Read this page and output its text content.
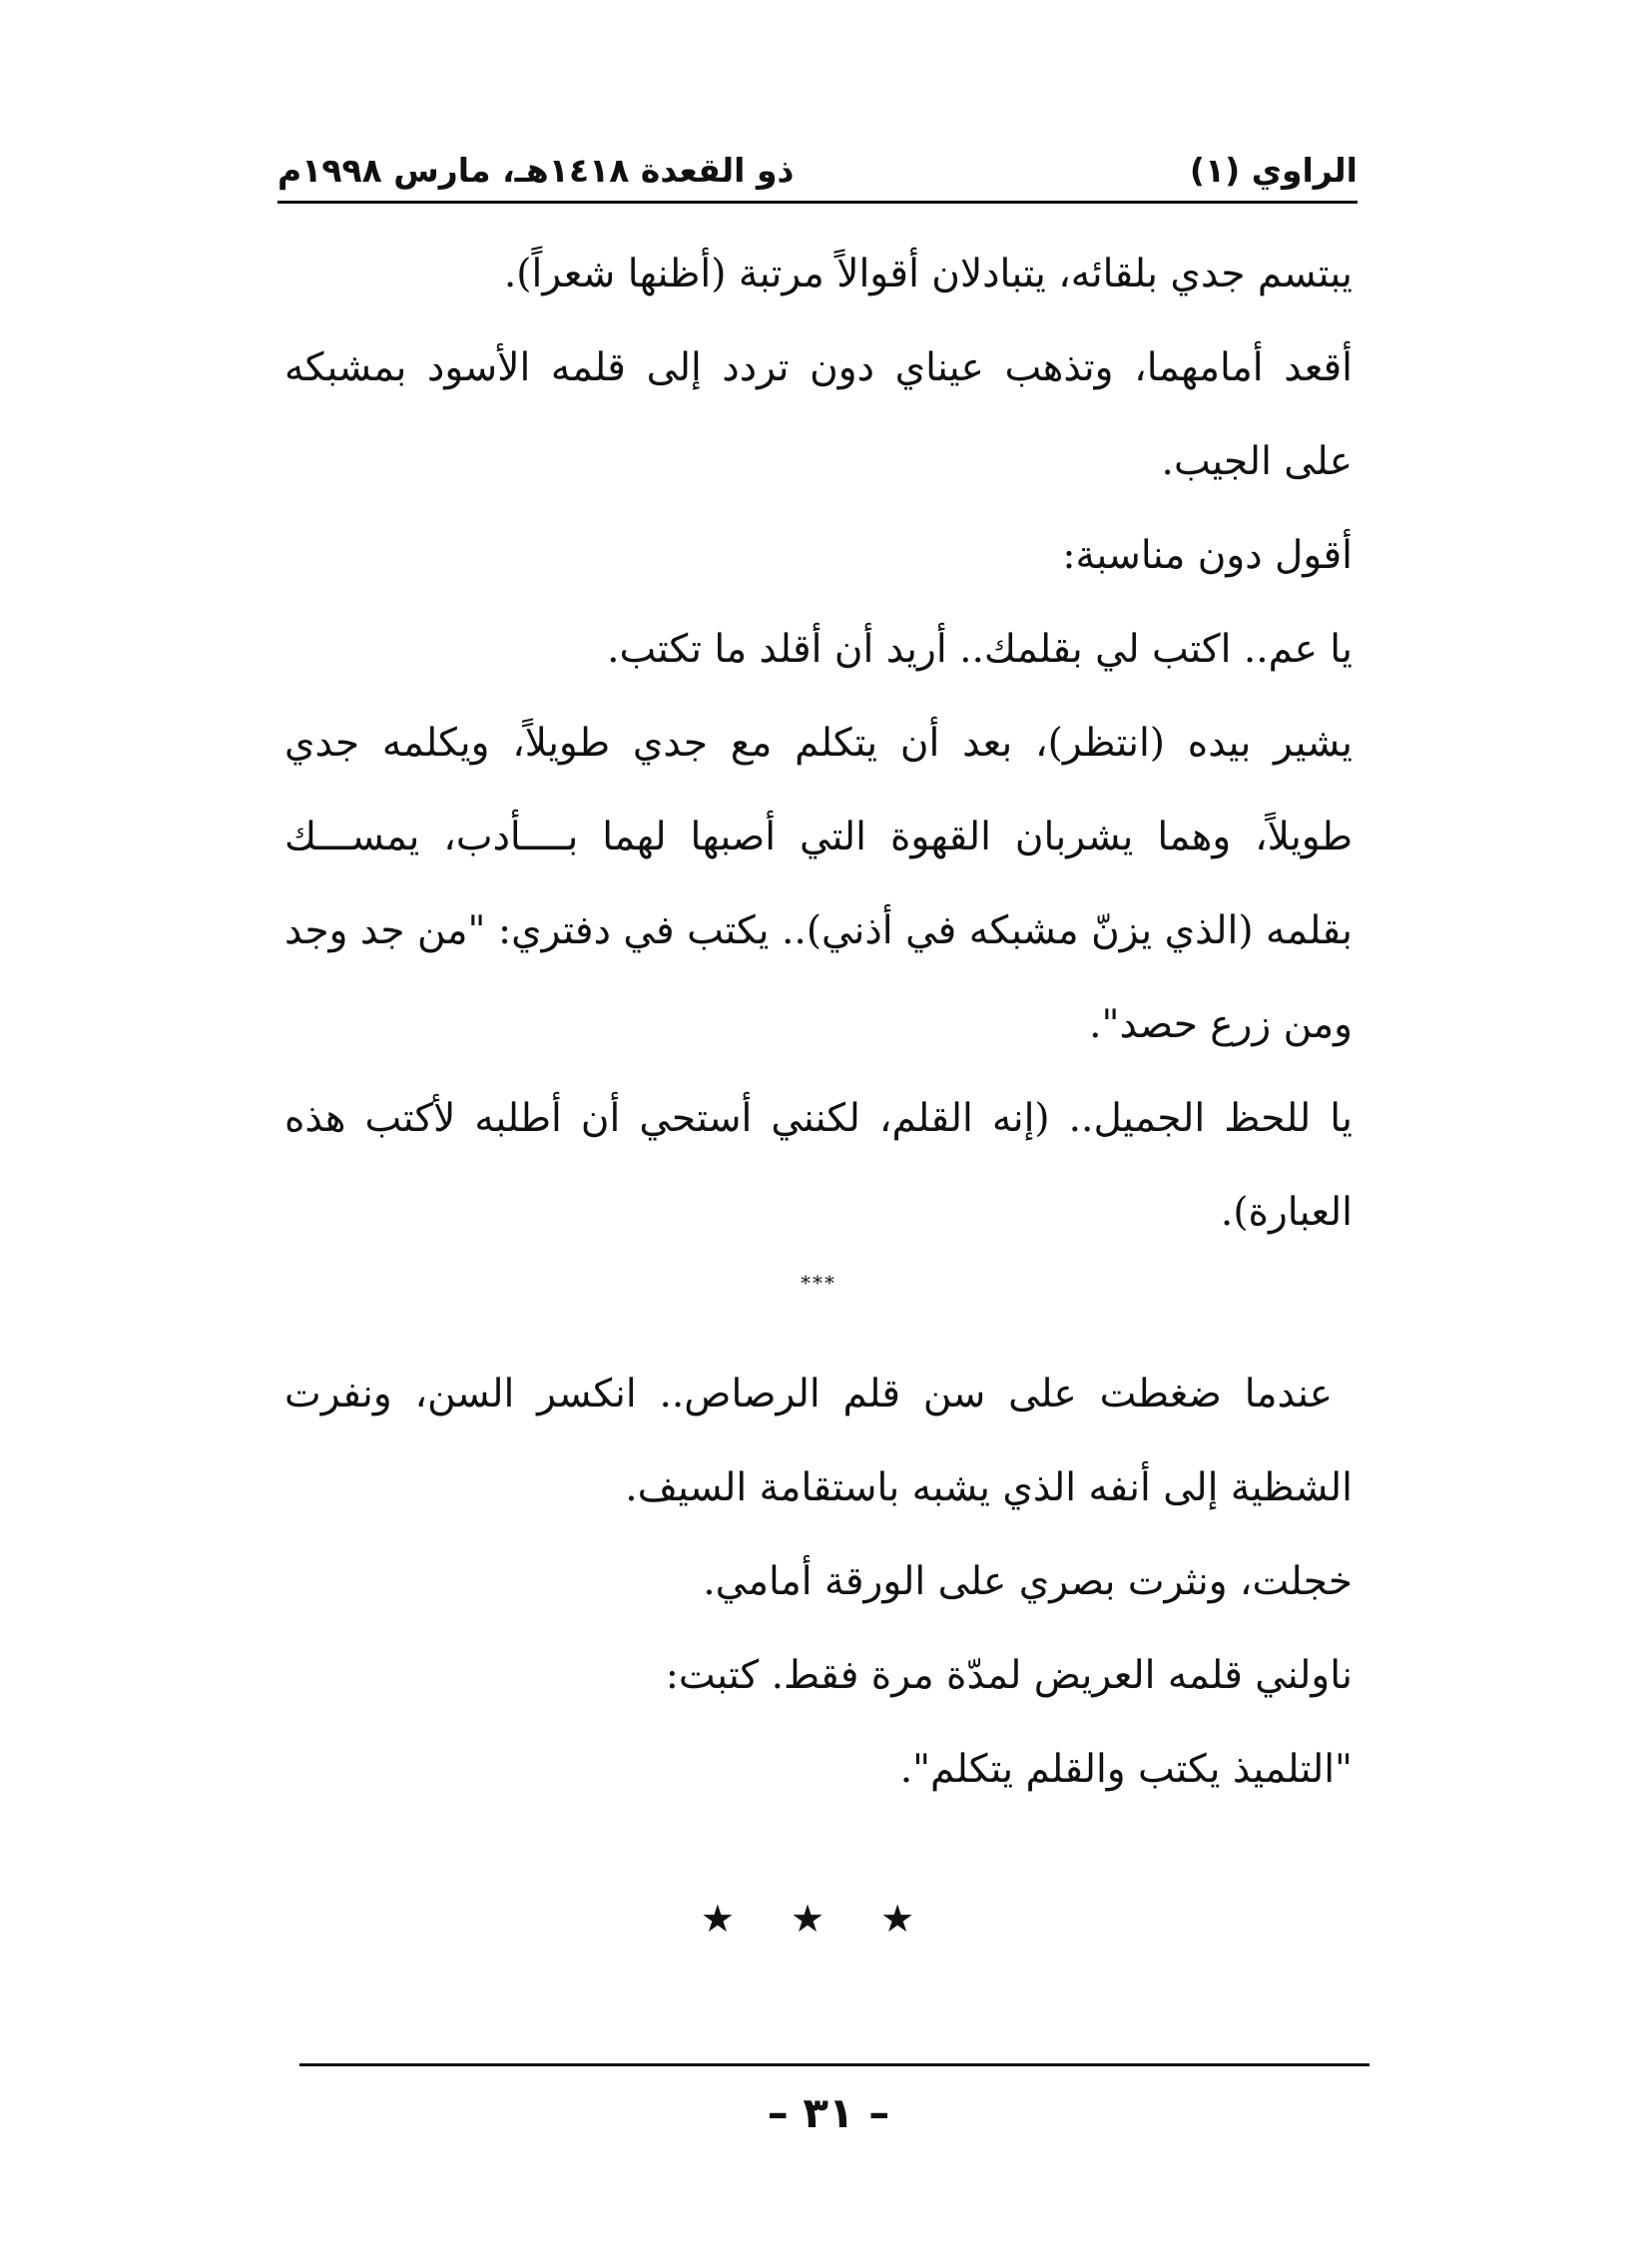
الراوي (١)
ذو القعدة ١٤١٨هـ، مارس ١٩٩٨م

يبتسم جدي بلقائه، يتبادلان أقوالاً مرتبة (أظنها شعراً).

أقعد أمامهما، وتذهب عيناي دون تردد إلى قلمه الأسود بمشبكه على الجيب.

أقول دون مناسبة:

يا عم.. اكتب لي بقلمك.. أريد أن أقلد ما تكتب.

يشير بيده (انتظر)، بعد أن يتكلم مع جدي طويلاً، ويكلمه جدي طويلاً، وهما يشربان القهوة التي أصبها لهما بــــأدب، يمســـك بقلمه (الذي يزنّ مشبكه في أذني).. يكتب في دفتري: "من جد وجد ومن زرع حصد".

يا للحظ الجميل.. (إنه القلم، لكنني أستحي أن أطلبه لأكتب هذه العبارة).

***

عندما ضغطت على سن قلم الرصاص.. انكسر السن، ونفرت الشظية إلى أنفه الذي يشبه باستقامة السيف.

خجلت، ونثرت بصري على الورقة أمامي.

ناولني قلمه العريض لمدّة مرة فقط. كتبت:

"التلميذ يكتب والقلم يتكلم".

★ ★ ★
– ٣١ –
